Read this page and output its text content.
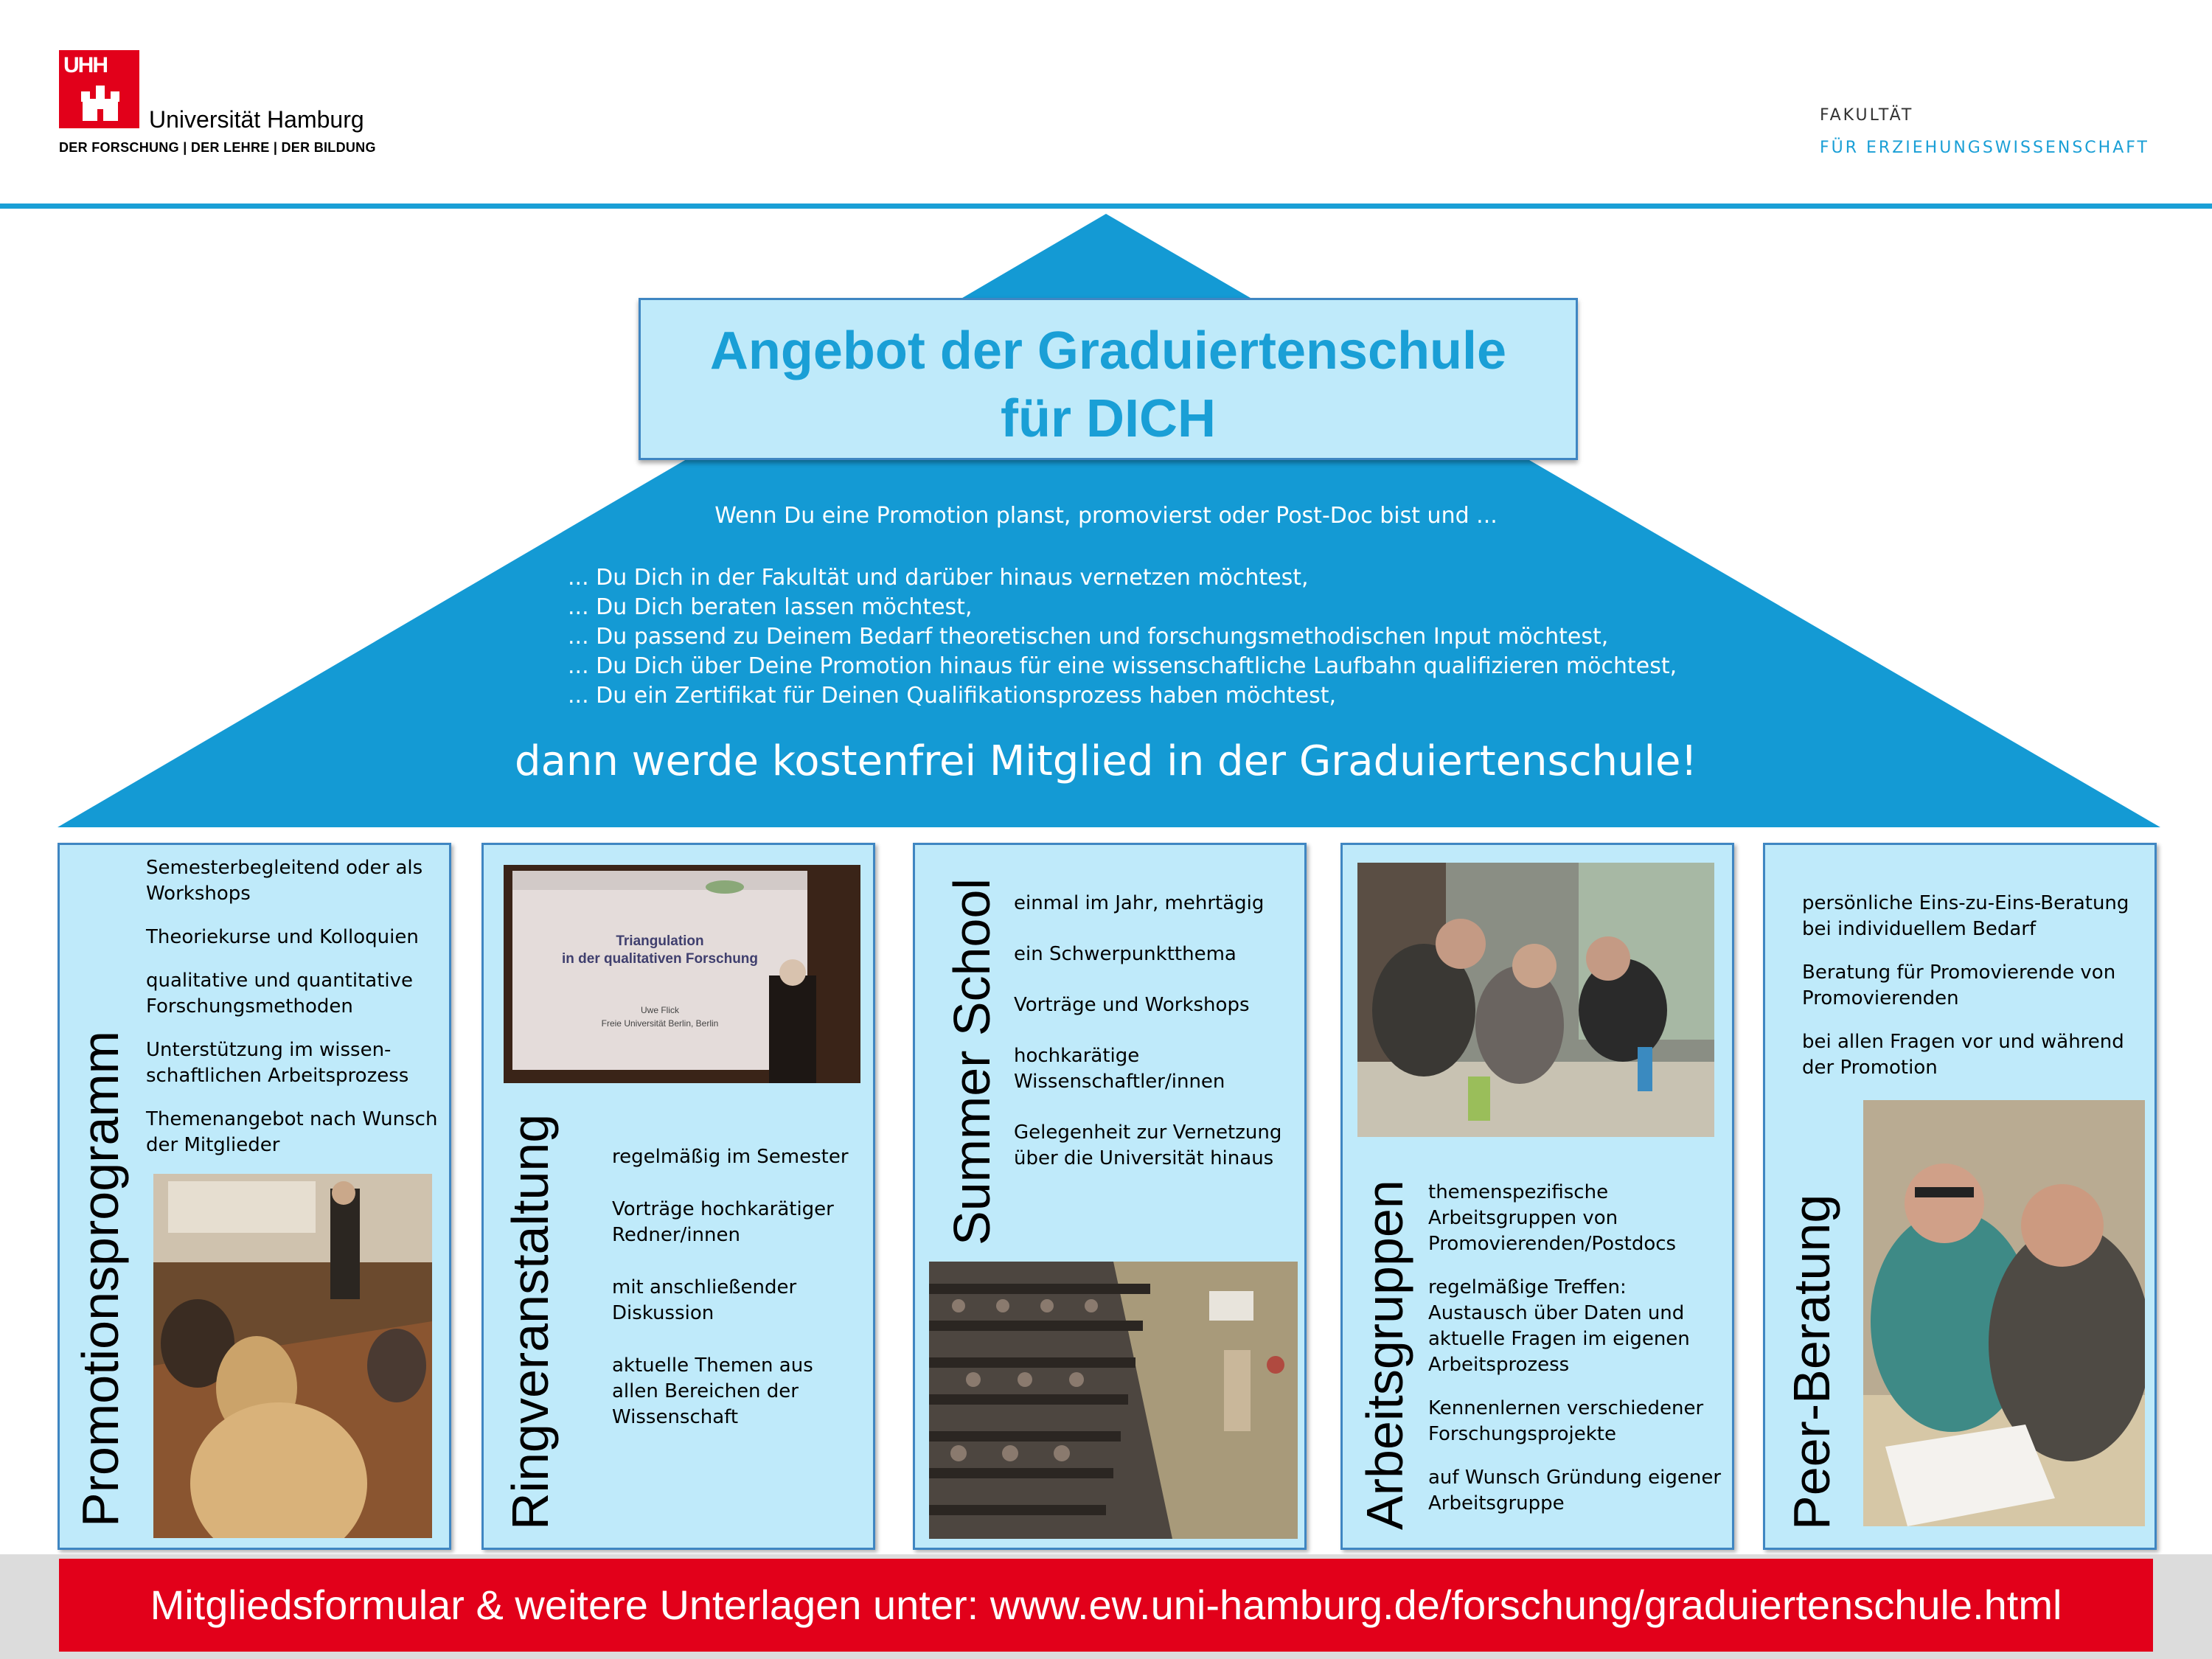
UHH
Universität Hamburg
DER FORSCHUNG | DER LEHRE | DER BILDUNG
FAKULTÄT
FÜR ERZIEHUNGSWISSENSCHAFT
Angebot der Graduiertenschule
für DICH
Wenn Du eine Promotion planst, promovierst oder Post-Doc bist und ...
... Du Dich in der Fakultät und darüber hinaus vernetzen möchtest,
... Du Dich beraten lassen möchtest,
... Du passend zu Deinem Bedarf theoretischen und forschungsmethodischen Input möchtest,
... Du Dich über Deine Promotion hinaus für eine wissenschaftliche Laufbahn qualifizieren möchtest,
... Du ein Zertifikat für Deinen Qualifikationsprozess haben möchtest,
dann werde kostenfrei Mitglied in der Graduiertenschule!
Promotionsprogramm

Semesterbegleitend oder als Workshops

Theoriekurse und Kolloquien

qualitative und quantitative Forschungsmethoden

Unterstützung im wissen-schaftlichen Arbeitsprozess

Themenangebot nach Wunsch der Mitglieder	Ringveranstaltung
Triangulation
in der qualitativen Forschung
Uwe Flick
Freie Universität Berlin, Berlin

regelmäßig im Semester

Vorträge hochkarätiger Redner/innen

mit anschließender Diskussion

aktuelle Themen aus allen Bereichen der Wissenschaft

Summer School einmal im Jahr, mehrtägig

ein Schwerpunktthema

Vorträge und Workshops

hochkarätige Wissenschaftler/innen

Gelegenheit zur Vernetzung über die Universität hinaus

Arbeitsgruppen themenspezifische Arbeitsgruppen von Promovierenden/Postdocs

regelmäßige Treffen: Austausch über Daten und aktuelle Fragen im eigenen Arbeitsprozess

Kennenlernen verschiedener Forschungsprojekte

auf Wunsch Gründung eigener Arbeitsgruppe	Peer-Beratung

persönliche Eins-zu-Eins-Beratung bei individuellem Bedarf

Beratung für Promovierende von Promovierenden

bei allen Fragen vor und während der Promotion

Mitgliedsformular & weitere Unterlagen unter: www.ew.uni-hamburg.de/forschung/graduiertenschule.html
